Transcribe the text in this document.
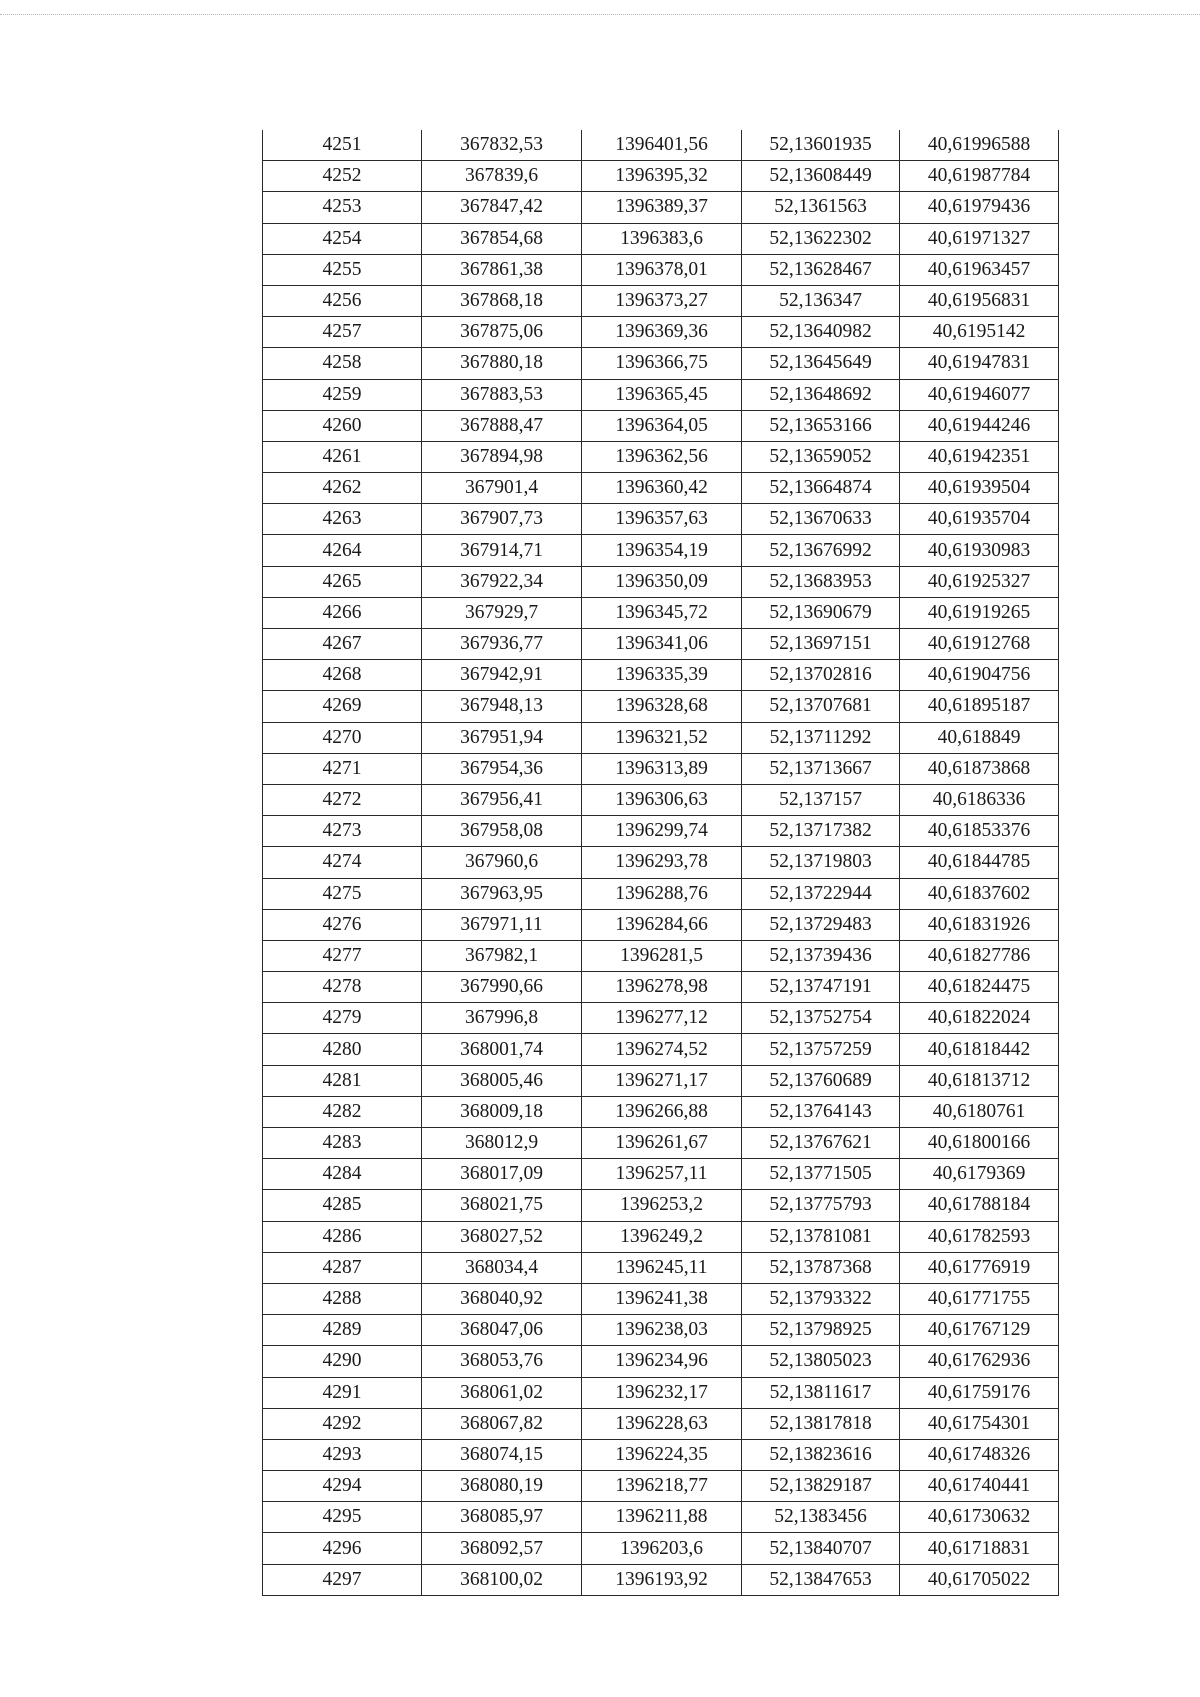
4251	367832,53	1396401,56	52,13601935	40,61996588
4252	367839,6	1396395,32	52,13608449	40,61987784
4253	367847,42	1396389,37	52,1361563	40,61979436
4254	367854,68	1396383,6	52,13622302	40,61971327
4255	367861,38	1396378,01	52,13628467	40,61963457
4256	367868,18	1396373,27	52,136347	40,61956831
4257	367875,06	1396369,36	52,13640982	40,6195142
4258	367880,18	1396366,75	52,13645649	40,61947831
4259	367883,53	1396365,45	52,13648692	40,61946077
4260	367888,47	1396364,05	52,13653166	40,61944246
4261	367894,98	1396362,56	52,13659052	40,61942351
4262	367901,4	1396360,42	52,13664874	40,61939504
4263	367907,73	1396357,63	52,13670633	40,61935704
4264	367914,71	1396354,19	52,13676992	40,61930983
4265	367922,34	1396350,09	52,13683953	40,61925327
4266	367929,7	1396345,72	52,13690679	40,61919265
4267	367936,77	1396341,06	52,13697151	40,61912768
4268	367942,91	1396335,39	52,13702816	40,61904756
4269	367948,13	1396328,68	52,13707681	40,61895187
4270	367951,94	1396321,52	52,13711292	40,618849
4271	367954,36	1396313,89	52,13713667	40,61873868
4272	367956,41	1396306,63	52,137157	40,6186336
4273	367958,08	1396299,74	52,13717382	40,61853376
4274	367960,6	1396293,78	52,13719803	40,61844785
4275	367963,95	1396288,76	52,13722944	40,61837602
4276	367971,11	1396284,66	52,13729483	40,61831926
4277	367982,1	1396281,5	52,13739436	40,61827786
4278	367990,66	1396278,98	52,13747191	40,61824475
4279	367996,8	1396277,12	52,13752754	40,61822024
4280	368001,74	1396274,52	52,13757259	40,61818442
4281	368005,46	1396271,17	52,13760689	40,61813712
4282	368009,18	1396266,88	52,13764143	40,6180761
4283	368012,9	1396261,67	52,13767621	40,61800166
4284	368017,09	1396257,11	52,13771505	40,6179369
4285	368021,75	1396253,2	52,13775793	40,61788184
4286	368027,52	1396249,2	52,13781081	40,61782593
4287	368034,4	1396245,11	52,13787368	40,61776919
4288	368040,92	1396241,38	52,13793322	40,61771755
4289	368047,06	1396238,03	52,13798925	40,61767129
4290	368053,76	1396234,96	52,13805023	40,61762936
4291	368061,02	1396232,17	52,13811617	40,61759176
4292	368067,82	1396228,63	52,13817818	40,61754301
4293	368074,15	1396224,35	52,13823616	40,61748326
4294	368080,19	1396218,77	52,13829187	40,61740441
4295	368085,97	1396211,88	52,1383456	40,61730632
4296	368092,57	1396203,6	52,13840707	40,61718831
4297	368100,02	1396193,92	52,13847653	40,61705022
